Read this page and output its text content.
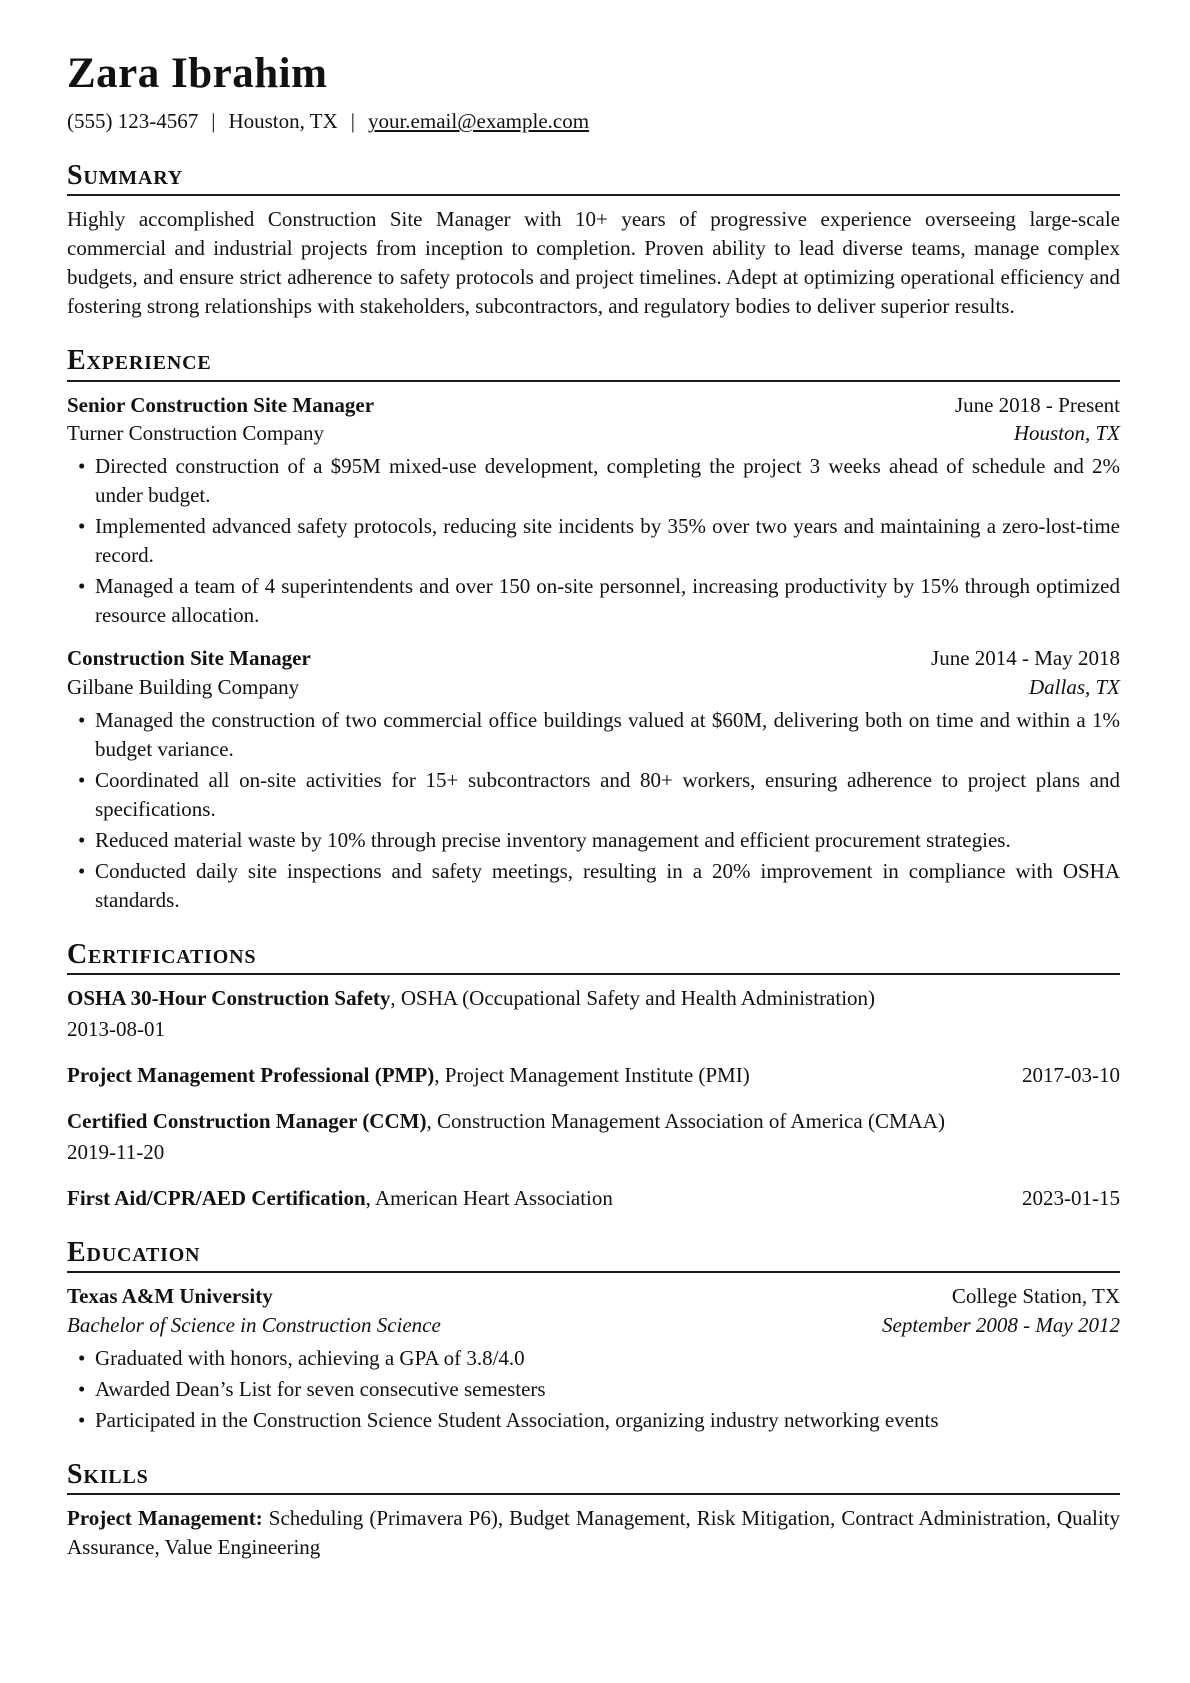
Zara Ibrahim
(555) 123-4567 | Houston, TX | your.email@example.com
Summary

Highly accomplished Construction Site Manager with 10+ years of progressive experience overseeing large-scale commercial and industrial projects from inception to completion. Proven ability to lead diverse teams, manage complex budgets, and ensure strict adherence to safety protocols and project timelines. Adept at optimizing operational efficiency and fostering strong relationships with stakeholders, subcontractors, and regulatory bodies to deliver superior results.

Experience
Senior Construction Site Manager	June 2018 - Present
Turner Construction Company	Houston, TX
• Directed construction of a $95M mixed-use development, completing the project 3 weeks ahead of schedule and 2% under budget.
• Implemented advanced safety protocols, reducing site incidents by 35% over two years and maintaining a zero-lost-time record.
• Managed a team of 4 superintendents and over 150 on-site personnel, increasing productivity by 15% through optimized resource allocation.
Construction Site Manager	June 2014 - May 2018
Gilbane Building Company	Dallas, TX
• Managed the construction of two commercial office buildings valued at $60M, delivering both on time and within a 1% budget variance.
• Coordinated all on-site activities for 15+ subcontractors and 80+ workers, ensuring adherence to project plans and specifications.
• Reduced material waste by 10% through precise inventory management and efficient procurement strategies.
• Conducted daily site inspections and safety meetings, resulting in a 20% improvement in compliance with OSHA standards.
Certifications
OSHA 30-Hour Construction Safety, OSHA (Occupational Safety and Health Administration)
2013-08-01
Project Management Professional (PMP), Project Management Institute (PMI)	2017-03-10
Certified Construction Manager (CCM), Construction Management Association of America (CMAA)
2019-11-20
First Aid/CPR/AED Certification, American Heart Association	2023-01-15
Education
Texas A&M University	College Station, TX
Bachelor of Science in Construction Science	September 2008 - May 2012
• Graduated with honors, achieving a GPA of 3.8/4.0
• Awarded Dean’s List for seven consecutive semesters
• Participated in the Construction Science Student Association, organizing industry networking events
Skills
Project Management: Scheduling (Primavera P6), Budget Management, Risk Mitigation, Contract Administration, Quality Assurance, Value Engineering
